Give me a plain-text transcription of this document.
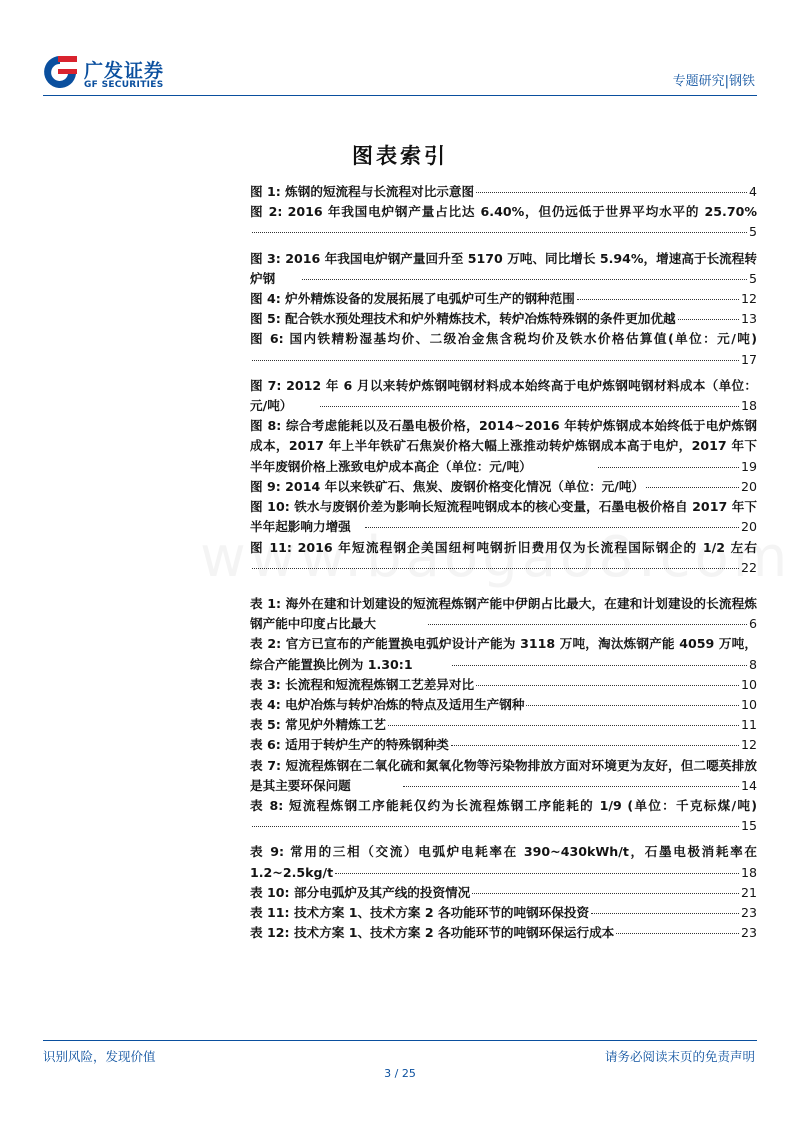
广发证券
GF SECURITIES	专题研究|钢铁
图表索引
图 1: 炼钢的短流程与长流程对比示意图	4
图 2: 2016 年我国电炉钢产量占比达 6.40%，但仍远低于世界平均水平的 25.70%
5
图 3: 2016 年我国电炉钢产量回升至 5170 万吨、同比增长 5.94%，增速高于长流程转炉钢	5
图 4: 炉外精炼设备的发展拓展了电弧炉可生产的钢种范围	12
图 5: 配合铁水预处理技术和炉外精炼技术，转炉冶炼特殊钢的条件更加优越	13
图 6: 国内铁精粉湿基均价、二级冶金焦含税均价及铁水价格估算值(单位：元/吨)
17
图 7: 2012 年 6 月以来转炉炼钢吨钢材料成本始终高于电炉炼钢吨钢材料成本（单位：元/吨）	18
图 8: 综合考虑能耗以及石墨电极价格，2014~2016 年转炉炼钢成本始终低于电炉炼钢成本，2017 年上半年铁矿石焦炭价格大幅上涨推动转炉炼钢成本高于电炉，2017 年下半年废钢价格上涨致电炉成本高企（单位：元/吨）	19
图 9: 2014 年以来铁矿石、焦炭、废钢价格变化情况（单位：元/吨）	20
图 10: 铁水与废钢价差为影响长短流程吨钢成本的核心变量，石墨电极价格自 2017 年下半年起影响力增强	20
图 11: 2016 年短流程钢企美国纽柯吨钢折旧费用仅为长流程国际钢企的 1/2 左右
22
表 1: 海外在建和计划建设的短流程炼钢产能中伊朗占比最大，在建和计划建设的长流程炼钢产能中印度占比最大	6
表 2: 官方已宣布的产能置换电弧炉设计产能为 3118 万吨，淘汰炼钢产能 4059 万吨，综合产能置换比例为 1.30:1	8
表 3: 长流程和短流程炼钢工艺差异对比	10
表 4: 电炉冶炼与转炉冶炼的特点及适用生产钢种	10
表 5: 常见炉外精炼工艺	11
表 6: 适用于转炉生产的特殊钢种类	12
表 7: 短流程炼钢在二氧化硫和氮氧化物等污染物排放方面对环境更为友好，但二噁英排放是其主要环保问题	14
表 8: 短流程炼钢工序能耗仅约为长流程炼钢工序能耗的 1/9 (单位：千克标煤/吨)
15
表 9: 常用的三相（交流）电弧炉电耗率在 390~430kWh/t，石墨电极消耗率在 1.2~2.5kg/t	18
表 10: 部分电弧炉及其产线的投资情况	21
表 11: 技术方案 1、技术方案 2 各功能环节的吨钢环保投资	23
表 12: 技术方案 1、技术方案 2 各功能环节的吨钢环保运行成本	23
识别风险，发现价值	请务必阅读末页的免责声明
3 / 25
